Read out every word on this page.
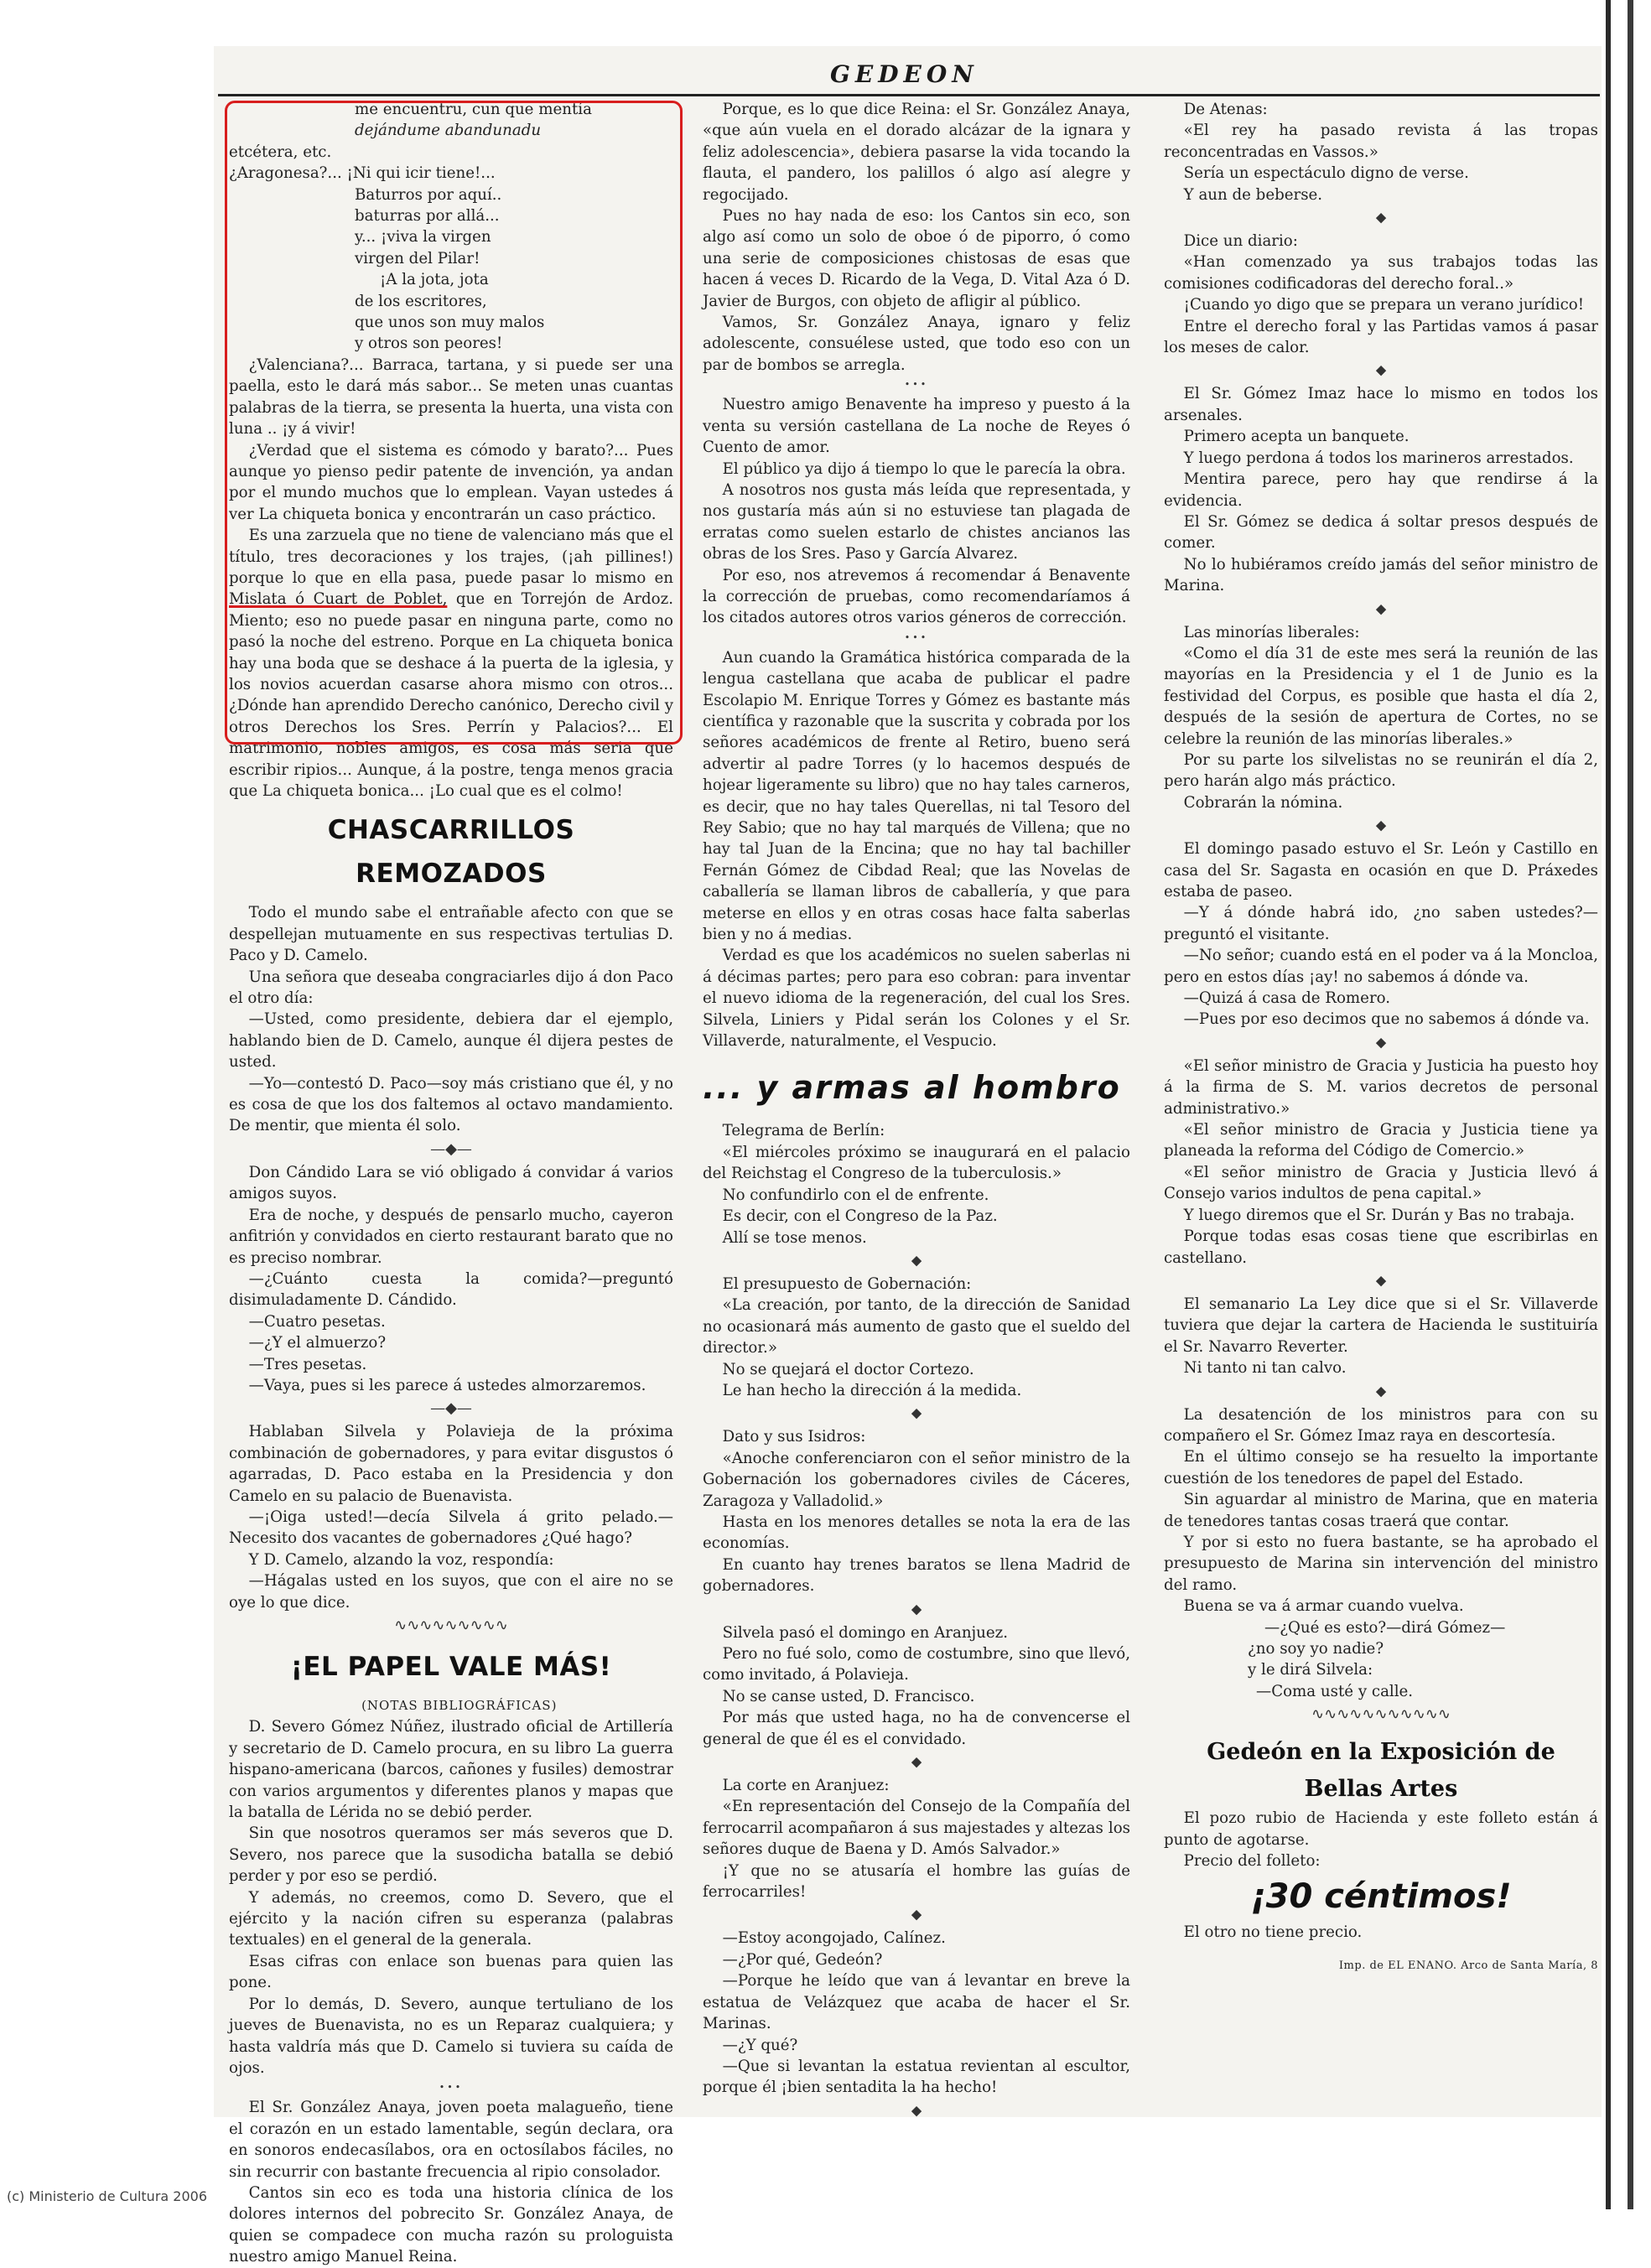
GEDEON

me encuentru, cun que mentía

dejándume abandunadu

etcétera, etc.

¿Aragonesa?... ¡Ni qui icir tiene!...

Baturros por aquí..

baturras por allá...

y... ¡viva la virgen

virgen del Pilar!

¡A la jota, jota

de los escritores,

que unos son muy malos

y otros son peores!

¿Valenciana?... Barraca, tartana, y si puede ser una paella, esto le dará más sabor... Se meten unas cuantas palabras de la tierra, se presenta la huerta, una vista con luna .. ¡y á vivir!

¿Verdad que el sistema es cómodo y barato?... Pues aunque yo pienso pedir patente de invención, ya andan por el mundo muchos que lo emplean. Vayan ustedes á ver La chiqueta bonica y encontrarán un caso práctico.

Es una zarzuela que no tiene de valenciano más que el título, tres decoraciones y los trajes, (¡ah pillines!) porque lo que en ella pasa, puede pasar lo mismo en Mislata ó Cuart de Poblet, que en Torrejón de Ardoz. Miento; eso no puede pasar en ninguna parte, como no pasó la noche del estreno. Porque en La chiqueta bonica hay una boda que se deshace á la puerta de la iglesia, y los novios acuerdan casarse ahora mismo con otros... ¿Dónde han aprendido Derecho canónico, Derecho civil y otros Derechos los Sres. Perrín y Palacios?... El matrimonio, nobles amigos, es cosa más seria que escribir ripios... Aunque, á la postre, tenga menos gracia que La chiqueta bonica... ¡Lo cual que es el colmo!

CHASCARRILLOS REMOZADOS

Todo el mundo sabe el entrañable afecto con que se despellejan mutuamente en sus respectivas tertulias D. Paco y D. Camelo.

Una señora que deseaba congraciarles dijo á don Paco el otro día:

—Usted, como presidente, debiera dar el ejemplo, hablando bien de D. Camelo, aunque él dijera pestes de usted.

—Yo—contestó D. Paco—soy más cristiano que él, y no es cosa de que los dos faltemos al octavo mandamiento. De mentir, que mienta él solo.

—◆—

Don Cándido Lara se vió obligado á convidar á varios amigos suyos.

Era de noche, y después de pensarlo mucho, cayeron anfitrión y convidados en cierto restaurant barato que no es preciso nombrar.

—¿Cuánto cuesta la comida?—preguntó disimuladamente D. Cándido.

—Cuatro pesetas.

—¿Y el almuerzo?

—Tres pesetas.

—Vaya, pues si les parece á ustedes almorzaremos.

—◆—

Hablaban Silvela y Polavieja de la próxima combinación de gobernadores, y para evitar disgustos ó agarradas, D. Paco estaba en la Presidencia y don Camelo en su palacio de Buenavista.

—¡Oiga usted!—decía Silvela á grito pelado.— Necesito dos vacantes de gobernadores ¿Qué hago?

Y D. Camelo, alzando la voz, respondía:

—Hágalas usted en los suyos, que con el aire no se oye lo que dice.

∿∿∿∿∿∿∿∿∿
¡EL PAPEL VALE MÁS!

(NOTAS BIBLIOGRÁFICAS)

D. Severo Gómez Núñez, ilustrado oficial de Artillería y secretario de D. Camelo procura, en su libro La guerra hispano-americana (barcos, cañones y fusiles) demostrar con varios argumentos y diferentes planos y mapas que la batalla de Lérida no se debió perder.

Sin que nosotros queramos ser más severos que D. Severo, nos parece que la susodicha batalla se debió perder y por eso se perdió.

Y además, no creemos, como D. Severo, que el ejército y la nación cifren su esperanza (palabras textuales) en el general de la generala.

Esas cifras con enlace son buenas para quien las pone.

Por lo demás, D. Severo, aunque tertuliano de los jueves de Buenavista, no es un Reparaz cualquiera; y hasta valdría más que D. Camelo si tuviera su caída de ojos.

•••

El Sr. González Anaya, joven poeta malagueño, tiene el corazón en un estado lamentable, según declara, ora en sonoros endecasílabos, ora en octosílabos fáciles, no sin recurrir con bastante frecuencia al ripio consolador.

Cantos sin eco es toda una historia clínica de los dolores internos del pobrecito Sr. González Anaya, de quien se compadece con mucha razón su prologuista nuestro amigo Manuel Reina.

Porque, es lo que dice Reina: el Sr. González Anaya, «que aún vuela en el dorado alcázar de la ignara y feliz adolescencia», debiera pasarse la vida tocando la flauta, el pandero, los palillos ó algo así alegre y regocijado.

Pues no hay nada de eso: los Cantos sin eco, son algo así como un solo de oboe ó de piporro, ó como una serie de composiciones chistosas de esas que hacen á veces D. Ricardo de la Vega, D. Vital Aza ó D. Javier de Burgos, con objeto de afligir al público.

Vamos, Sr. González Anaya, ignaro y feliz adolescente, consuélese usted, que todo eso con un par de bombos se arregla.

•••

Nuestro amigo Benavente ha impreso y puesto á la venta su versión castellana de La noche de Reyes ó Cuento de amor.

El público ya dijo á tiempo lo que le parecía la obra.

A nosotros nos gusta más leída que representada, y nos gustaría más aún si no estuviese tan plagada de erratas como suelen estarlo de chistes ancianos las obras de los Sres. Paso y García Alvarez.

Por eso, nos atrevemos á recomendar á Benavente la corrección de pruebas, como recomendaríamos á los citados autores otros varios géneros de corrección.

•••

Aun cuando la Gramática histórica comparada de la lengua castellana que acaba de publicar el padre Escolapio M. Enrique Torres y Gómez es bastante más científica y razonable que la suscrita y cobrada por los señores académicos de frente al Retiro, bueno será advertir al padre Torres (y lo hacemos después de hojear ligeramente su libro) que no hay tales carneros, es decir, que no hay tales Querellas, ni tal Tesoro del Rey Sabio; que no hay tal marqués de Villena; que no hay tal Juan de la Encina; que no hay tal bachiller Fernán Gómez de Cibdad Real; que las Novelas de caballería se llaman libros de caballería, y que para meterse en ellos y en otras cosas hace falta saberlas bien y no á medias.

Verdad es que los académicos no suelen saberlas ni á décimas partes; pero para eso cobran: para inventar el nuevo idioma de la regeneración, del cual los Sres. Silvela, Liniers y Pidal serán los Colones y el Sr. Villaverde, naturalmente, el Vespucio.

... y armas al hombro

Telegrama de Berlín:

«El miércoles próximo se inaugurará en el palacio del Reichstag el Congreso de la tuberculosis.»

No confundirlo con el de enfrente.

Es decir, con el Congreso de la Paz.

Allí se tose menos.

⬥

El presupuesto de Gobernación:

«La creación, por tanto, de la dirección de Sanidad no ocasionará más aumento de gasto que el sueldo del director.»

No se quejará el doctor Cortezo.

Le han hecho la dirección á la medida.

⬥

Dato y sus Isidros:

«Anoche conferenciaron con el señor ministro de la Gobernación los gobernadores civiles de Cáceres, Zaragoza y Valladolid.»

Hasta en los menores detalles se nota la era de las economías.

En cuanto hay trenes baratos se llena Madrid de gobernadores.

⬥

Silvela pasó el domingo en Aranjuez.

Pero no fué solo, como de costumbre, sino que llevó, como invitado, á Polavieja.

No se canse usted, D. Francisco.

Por más que usted haga, no ha de convencerse el general de que él es el convidado.

⬥

La corte en Aranjuez:

«En representación del Consejo de la Compañía del ferrocarril acompañaron á sus majestades y altezas los señores duque de Baena y D. Amós Salvador.»

¡Y que no se atusaría el hombre las guías de ferrocarriles!

⬥

—Estoy acongojado, Calínez.

—¿Por qué, Gedeón?

—Porque he leído que van á levantar en breve la estatua de Velázquez que acaba de hacer el Sr. Marinas.

—¿Y qué?

—Que si levantan la estatua revientan al escultor, porque él ¡bien sentadita la ha hecho!

⬥

De Atenas:

«El rey ha pasado revista á las tropas reconcentradas en Vassos.»

Sería un espectáculo digno de verse.

Y aun de beberse.

⬥

Dice un diario:

«Han comenzado ya sus trabajos todas las comisiones codificadoras del derecho foral..»

¡Cuando yo digo que se prepara un verano jurídico!

Entre el derecho foral y las Partidas vamos á pasar los meses de calor.

⬥

El Sr. Gómez Imaz hace lo mismo en todos los arsenales.

Primero acepta un banquete.

Y luego perdona á todos los marineros arrestados.

Mentira parece, pero hay que rendirse á la evidencia.

El Sr. Gómez se dedica á soltar presos después de comer.

No lo hubiéramos creído jamás del señor ministro de Marina.

⬥

Las minorías liberales:

«Como el día 31 de este mes será la reunión de las mayorías en la Presidencia y el 1 de Junio es la festividad del Corpus, es posible que hasta el día 2, después de la sesión de apertura de Cortes, no se celebre la reunión de las minorías liberales.»

Por su parte los silvelistas no se reunirán el día 2, pero harán algo más práctico.

Cobrarán la nómina.

⬥

El domingo pasado estuvo el Sr. León y Castillo en casa del Sr. Sagasta en ocasión en que D. Práxedes estaba de paseo.

—Y á dónde habrá ido, ¿no saben ustedes?— preguntó el visitante.

—No señor; cuando está en el poder va á la Moncloa, pero en estos días ¡ay! no sabemos á dónde va.

—Quizá á casa de Romero.

—Pues por eso decimos que no sabemos á dónde va.

⬥

«El señor ministro de Gracia y Justicia ha puesto hoy á la firma de S. M. varios decretos de personal administrativo.»

«El señor ministro de Gracia y Justicia tiene ya planeada la reforma del Código de Comercio.»

«El señor ministro de Gracia y Justicia llevó á Consejo varios indultos de pena capital.»

Y luego diremos que el Sr. Durán y Bas no trabaja.

Porque todas esas cosas tiene que escribirlas en castellano.

⬥

El semanario La Ley dice que si el Sr. Villaverde tuviera que dejar la cartera de Hacienda le sustituiría el Sr. Navarro Reverter.

Ni tanto ni tan calvo.

⬥

La desatención de los ministros para con su compañero el Sr. Gómez Imaz raya en descortesía.

En el último consejo se ha resuelto la importante cuestión de los tenedores de papel del Estado.

Sin aguardar al ministro de Marina, que en materia de tenedores tantas cosas traerá que contar.

Y por si esto no fuera bastante, se ha aprobado el presupuesto de Marina sin intervención del ministro del ramo.

Buena se va á armar cuando vuelva.

—¿Qué es esto?—dirá Gómez—

¿no soy yo nadie?

y le dirá Silvela:

—Coma usté y calle.

∿∿∿∿∿∿∿∿∿∿∿
Gedeón en la Exposición de Bellas Artes

El pozo rubio de Hacienda y este folleto están á punto de agotarse.

Precio del folleto:

¡30 céntimos!

El otro no tiene precio.

Imp. de EL ENANO. Arco de Santa María, 8
(c) Ministerio de Cultura 2006
